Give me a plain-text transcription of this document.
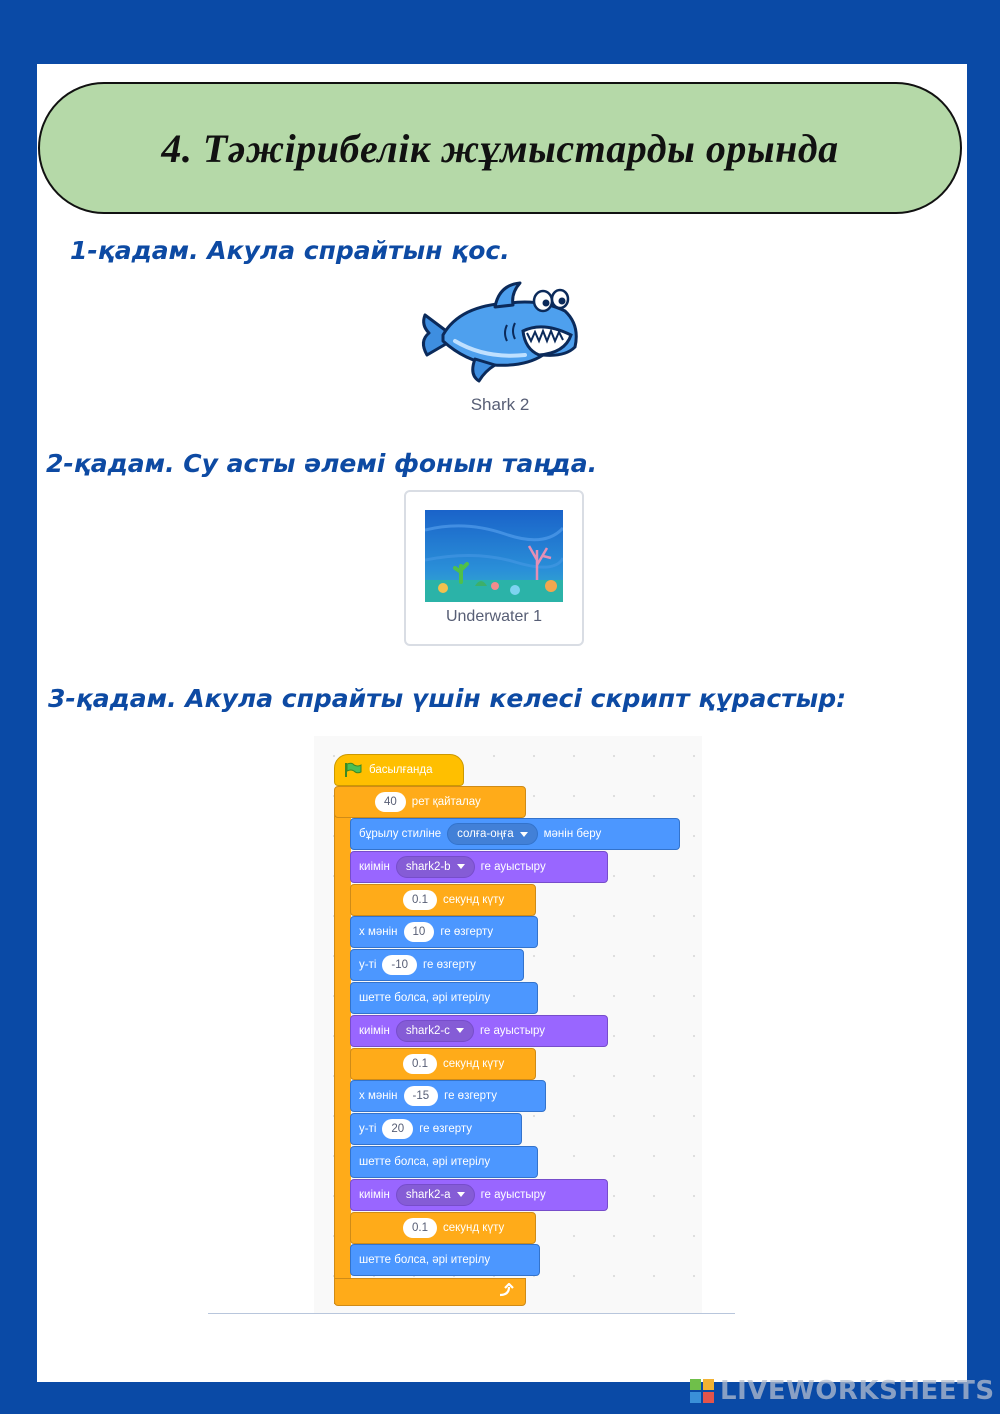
4. Тәжірибелік жұмыстарды орында

1-қадам. Акула спрайтын қос.

Shark 2

2-қадам. Су асты әлемі фонын таңда.

Underwater 1

3-қадам. Акула спрайты үшін келесі скрипт құрастыр:

басылғанда
40	рет қайталау
бұрылу стиліне солға-оңға	мәнін беру
киімін shark2-b	ге ауыстыру
0.1	секунд күту
x мәнін	10	ге өзгерту
y-ті	-10	ге өзгерту
шетте болса, әрі итерілу
киімін shark2-c	ге ауыстыру
0.1	секунд күту
x мәнін	-15	ге өзгерту
y-ті	20	ге өзгерту
шетте болса, әрі итерілу
киімін shark2-a	ге ауыстыру
0.1	секунд күту
шетте болса, әрі итерілу
LIVEWORKSHEETS
